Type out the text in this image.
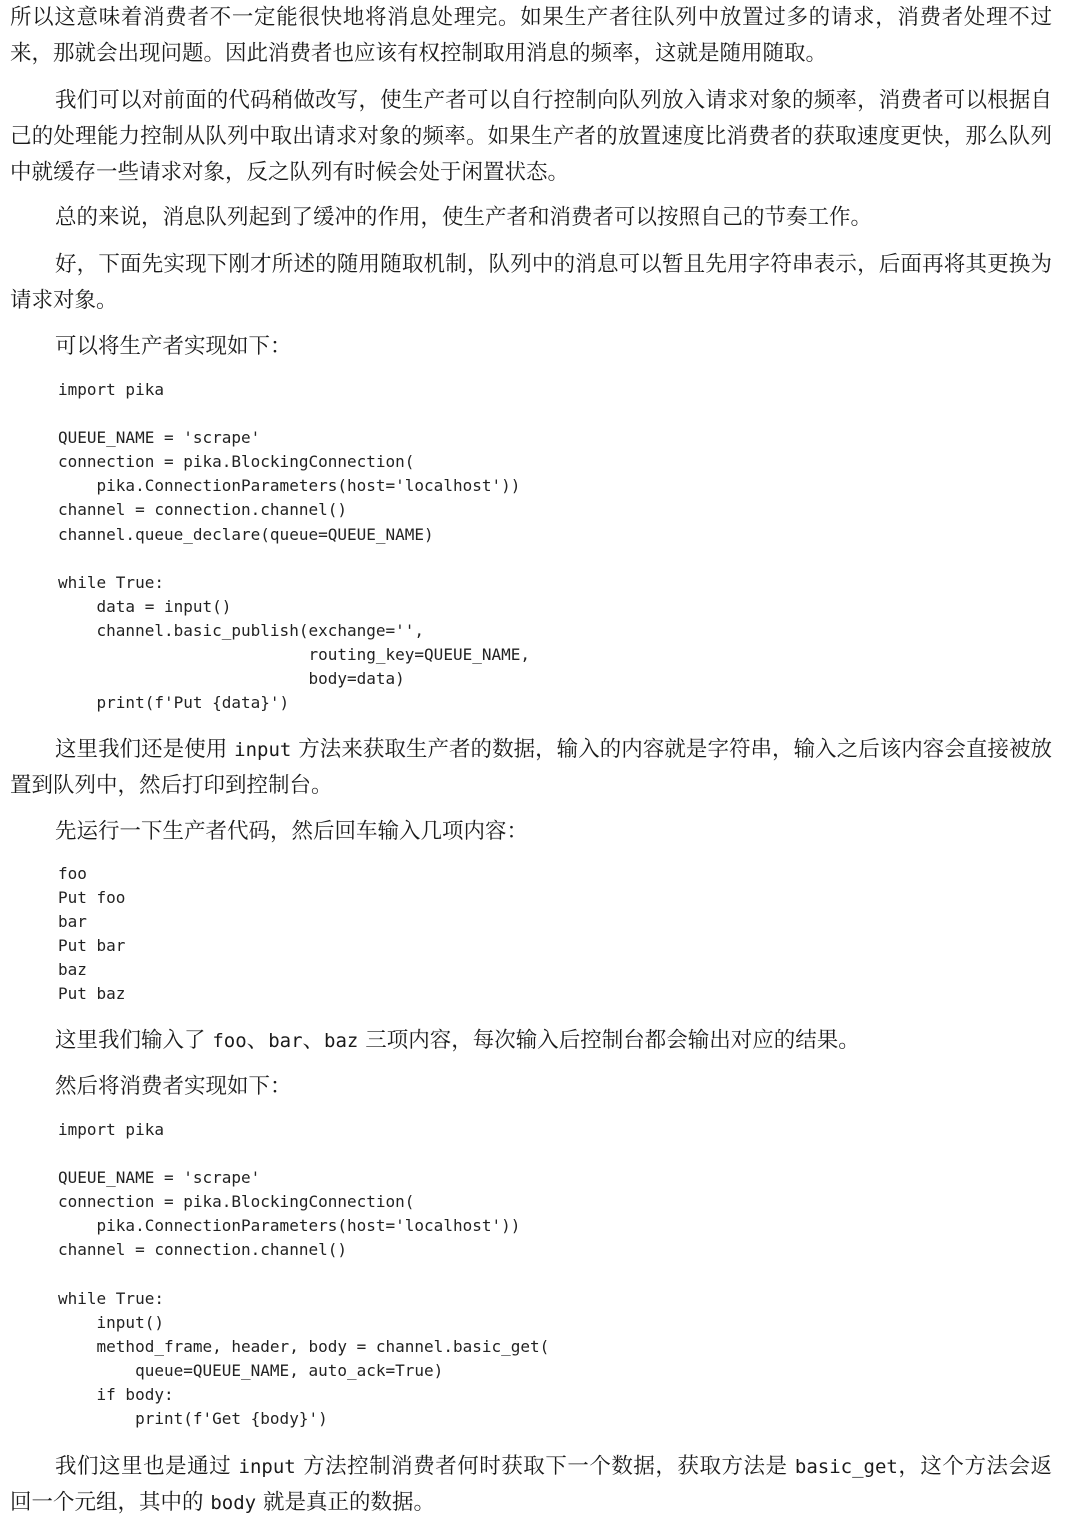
所以这意味着消费者不一定能很快地将消息处理完。如果生产者往队列中放置过多的请求，消费者处理不过来，那就会出现问题。因此消费者也应该有权控制取用消息的频率，这就是随用随取。

我们可以对前面的代码稍做改写，使生产者可以自行控制向队列放入请求对象的频率，消费者可以根据自己的处理能力控制从队列中取出请求对象的频率。如果生产者的放置速度比消费者的获取速度更快，那么队列中就缓存一些请求对象，反之队列有时候会处于闲置状态。

总的来说，消息队列起到了缓冲的作用，使生产者和消费者可以按照自己的节奏工作。

好，下面先实现下刚才所述的随用随取机制，队列中的消息可以暂且先用字符串表示，后面再将其更换为请求对象。

可以将生产者实现如下：

import pika

QUEUE_NAME = 'scrape'
connection = pika.BlockingConnection(
pika.ConnectionParameters(host='localhost'))
channel = connection.channel()
channel.queue_declare(queue=QUEUE_NAME)

while True:
data = input()
channel.basic_publish(exchange='',
routing_key=QUEUE_NAME,
body=data)
print(f'Put {data}')

这里我们还是使用 input 方法来获取生产者的数据，输入的内容就是字符串，输入之后该内容会直接被放置到队列中，然后打印到控制台。

先运行一下生产者代码，然后回车输入几项内容：

foo
Put foo
bar
Put bar
baz
Put baz

这里我们输入了 foo、bar、baz 三项内容，每次输入后控制台都会输出对应的结果。

然后将消费者实现如下：

import pika

QUEUE_NAME = 'scrape'
connection = pika.BlockingConnection(
pika.ConnectionParameters(host='localhost'))
channel = connection.channel()

while True:
input()
method_frame, header, body = channel.basic_get(
queue=QUEUE_NAME, auto_ack=True)
if body:
print(f'Get {body}')

我们这里也是通过 input 方法控制消费者何时获取下一个数据，获取方法是 basic_get，这个方法会返回一个元组，其中的 body 就是真正的数据。
